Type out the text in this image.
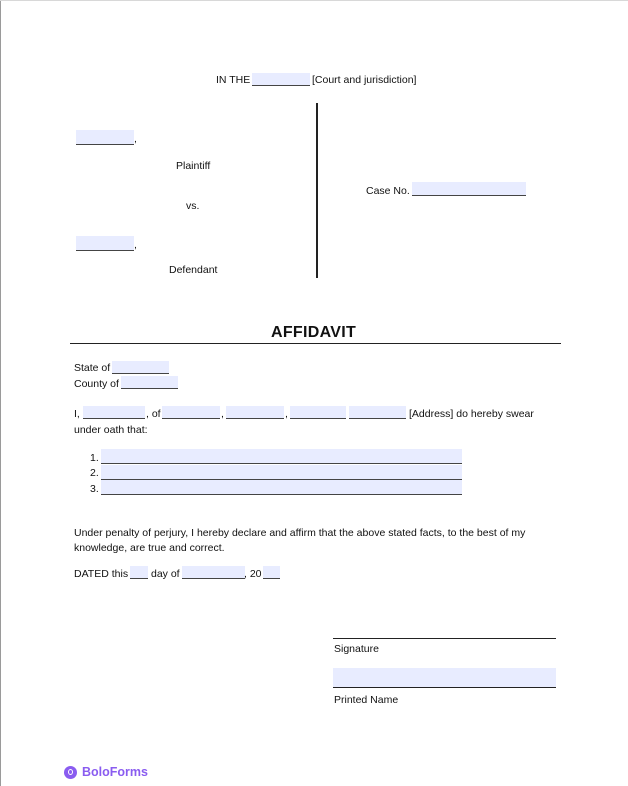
IN THE	[Court and jurisdiction]
,
Plaintiff
vs.
,
Defendant
Case No.
AFFIDAVIT
State of
County of
I,	, of	,	,	[Address] do hereby swear
under oath that:
1.
2.
3.
Under penalty of perjury, I hereby declare and affirm that the above stated facts, to the best of my
knowledge, are true and correct.
DATED this day of	, 20
Signature
Printed Name
BoloForms
